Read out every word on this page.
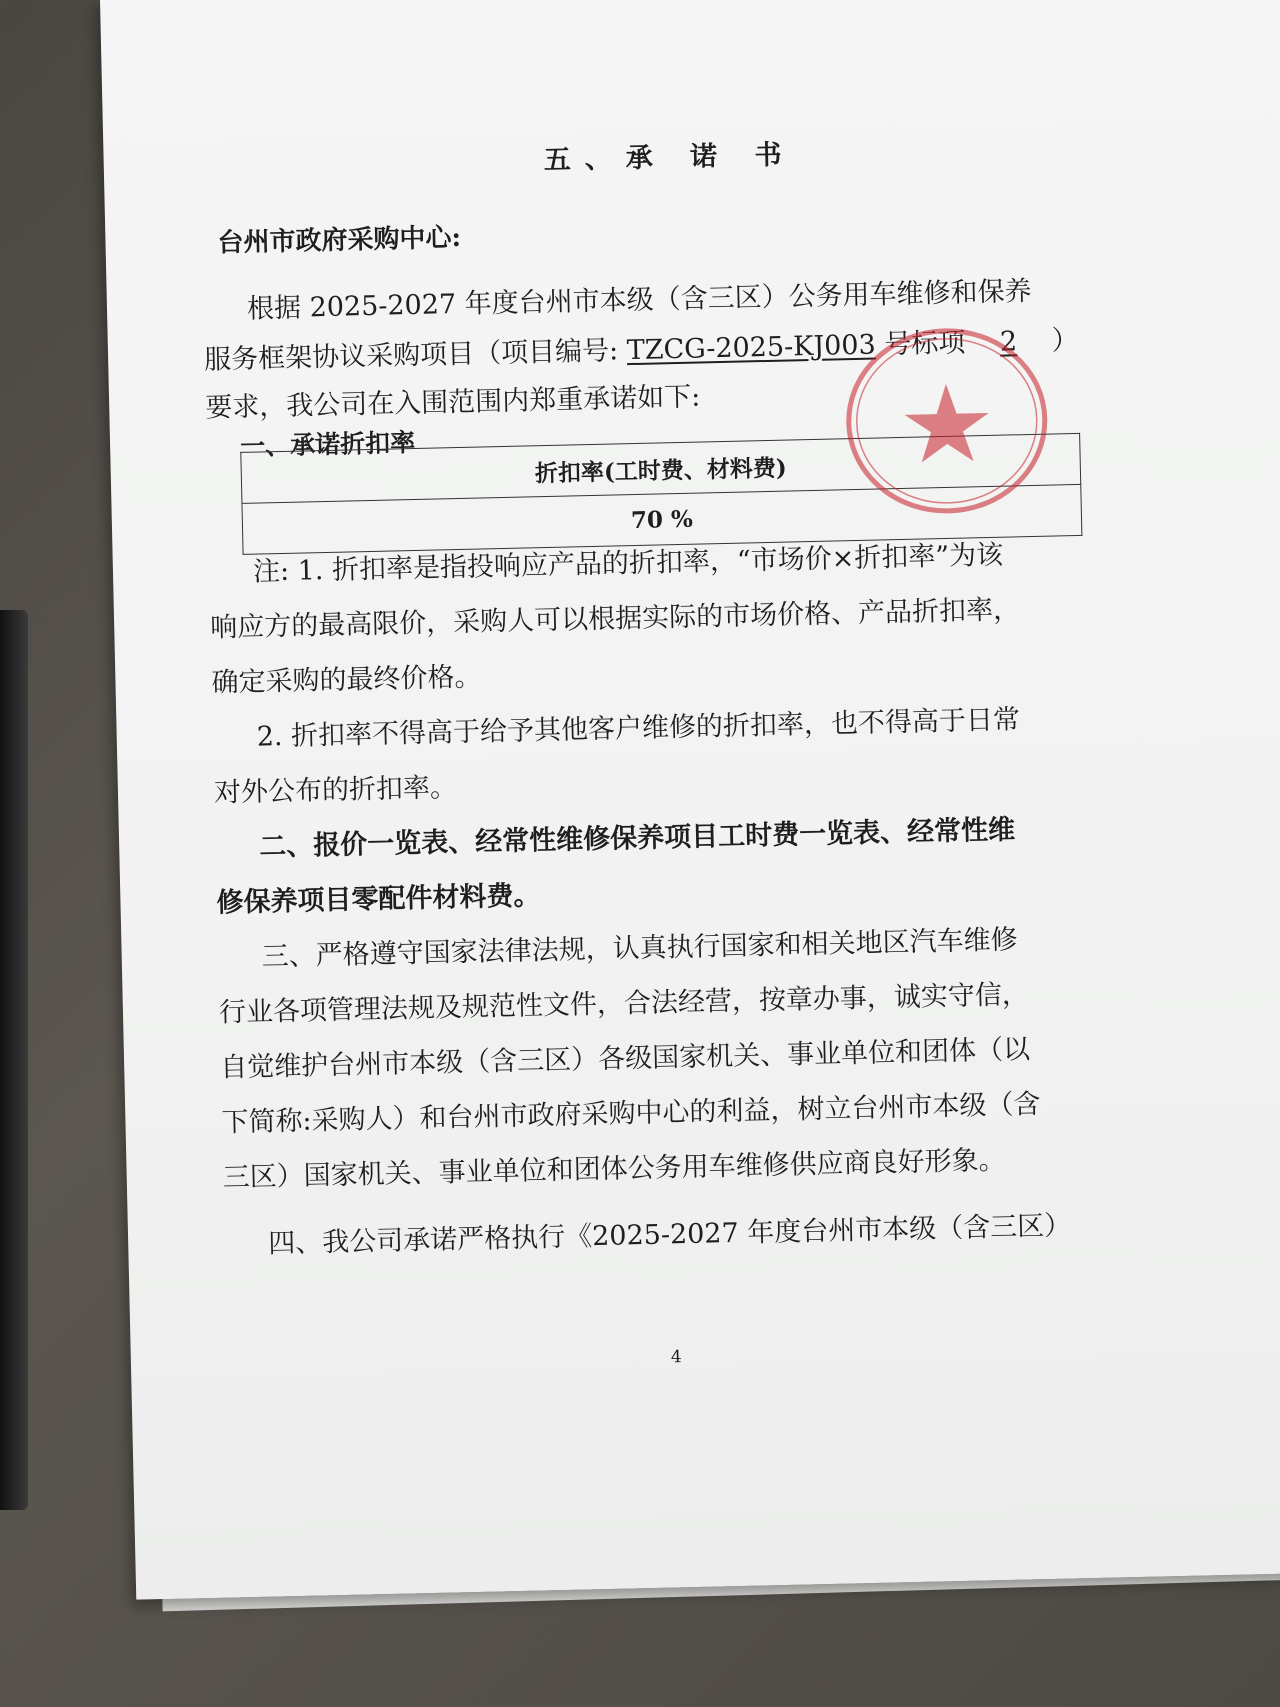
五、承 诺 书
台州市政府采购中心:
根据 2025-2027 年度台州市本级（含三区）公务用车维修和保养
服务框架协议采购项目（项目编号: TZCG-2025-KJ003 号标项 2 ）
要求，我公司在入围范围内郑重承诺如下:
一、承诺折扣率
折扣率(工时费、材料费)
70 %
注: 1. 折扣率是指投响应产品的折扣率，“市场价×折扣率”为该
响应方的最高限价，采购人可以根据实际的市场价格、产品折扣率，
确定采购的最终价格。
2. 折扣率不得高于给予其他客户维修的折扣率，也不得高于日常
对外公布的折扣率。
二、报价一览表、经常性维修保养项目工时费一览表、经常性维
修保养项目零配件材料费。
三、严格遵守国家法律法规，认真执行国家和相关地区汽车维修
行业各项管理法规及规范性文件，合法经营，按章办事，诚实守信，
自觉维护台州市本级（含三区）各级国家机关、事业单位和团体（以
下简称:采购人）和台州市政府采购中心的利益，树立台州市本级（含
三区）国家机关、事业单位和团体公务用车维修供应商良好形象。
四、我公司承诺严格执行《2025-2027 年度台州市本级（含三区）
4
